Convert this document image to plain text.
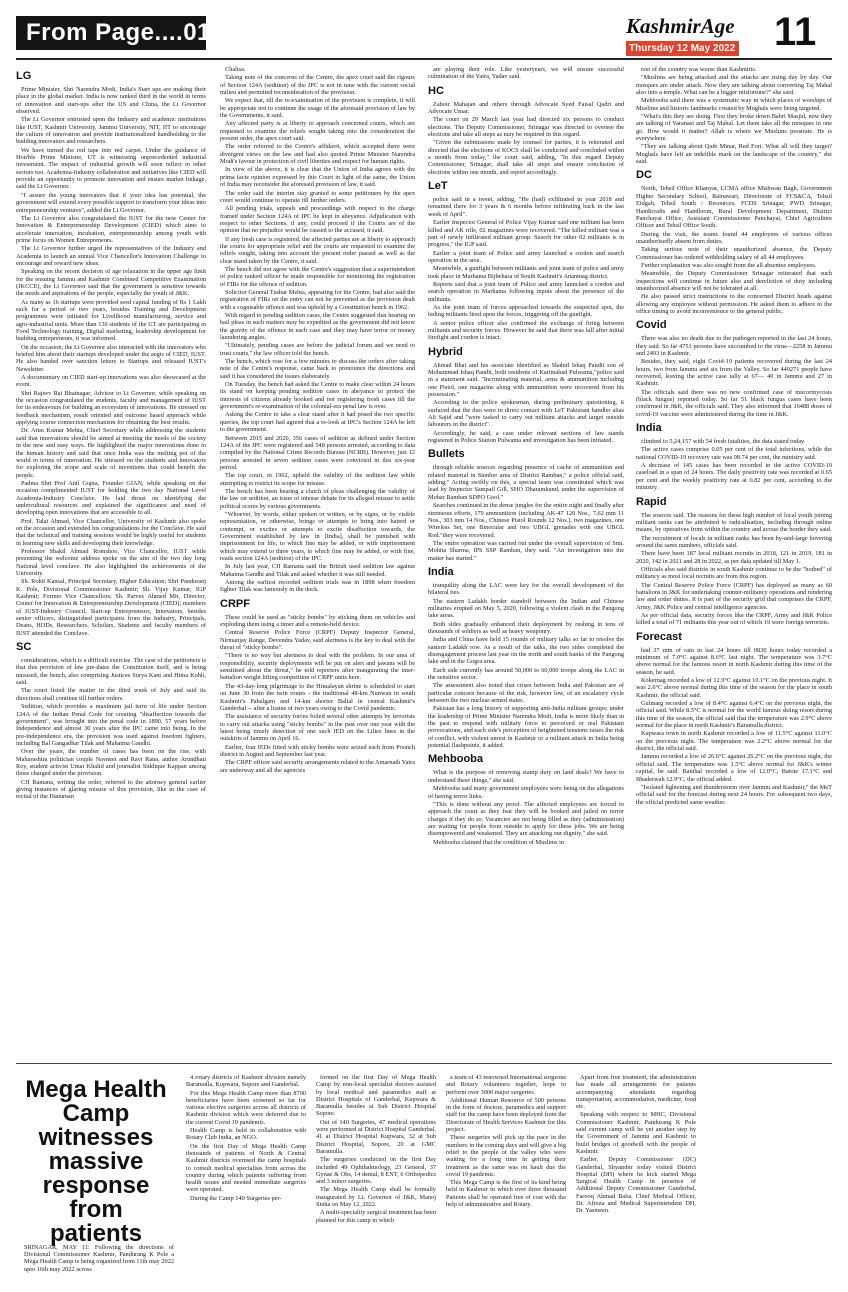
From Page....01	KashmirAge
Thursday 12 May 2022 11
LG

Prime Minister, Shri Narendra Modi, India's Start ups are making their place in the global market. India is now ranked third in the world in terms of innovation and start-ups after the US and China, the Lt Governor observed.

The Lt Governor entrusted upon the Industry and academic institutions like IUST, Kashmir University, Jammu University, NIT, IIT to encourage the culture of innovation and provide institutionalized handholding to the budding innovators and researchers.

We have turned the red tape into red carpet. Under the guidance of Hon'ble Prime Minister, UT is witnessing unprecedented industrial investment. The impact of industrial growth will soon reflect in other sectors too. Academia-Industry collaboration and initiatives like CIED will provide an opportunity to promote innovation and ensure market linkage, said the Lt Governor.

"I assure the young innovators that if your idea has potential, the government will extend every possible support to transform your ideas into entrepreneurship ventures", added the Lt Governor.

The Lt Governor also congratulated the IUST for the new Center for Innovation & Entrepreneurship Development (CIED) which aims to accelerate innovation, incubation, entrepreneurship among youth with prime focus on Women Entrepreneurs.

The Lt Governor further urged the representatives of the Industry and Academia to launch an annual Vice Chancellor's Innovation Challenge to encourage and reward new ideas.

Speaking on the recent decision of age relaxation in the upper age limit for the ensuing Jammu and Kashmir Combined Competitive Examination (JKCCE), the Lt Governor said that the government is sensitive towards the needs and aspirations of the people, especially the youth of J&K.

As many as 16 startups were provided seed capital funding of Rs 1 Lakh each for a period of two years, besides Training and Development programmes were initiated for Livelihood manufacturing, service and agro-industrial units. More than 130 students of the UT are participating in Food Technology training, Digital marketing, leadership development for budding entrepreneurs, it was informed.

On the occasion, the Lt Governor also interacted with the innovators who briefed him about their startups developed under the aegis of CIED, IUST. He also handed over sanction letters to Startups and released IUST's Newsletter.

A documentary on CIED start-up innovations was also showcased at the event.

Shri Rajeev Rai Bhatnagar, Advisor to Lt Governor, while speaking on the occasion congratulated the students, faculty and management of IUST for its endeavours for building an ecosystem of innovations. He stressed on feedback mechanism, result oriented and outcome based approach while applying course connection mechanism for obtaining the best results.

Dr. Arun Kumar Mehta, Chief Secretary while addressing the students said that innovations should be aimed at meeting the needs of the society in the new and easy ways. He highlighted the major innovations done in the human history and said that once India was the melting pot of the world in terms of innovation. He stressed on the students and innovators for exploring the scope and scale of inventions that could benefit the people.

Padma Shri Prof Anil Gupta, Founder GIAN, while speaking on the occasion complimented IUST for holding the two day National Level Academia-Industry Conclave. He laid thrust on identifying the undercultural resources and explained the significance and need of developing open innovations that are accessible to all.

Prof. Talat Ahmad, Vice Chancellor, University of Kashmir also spoke on the occasion and extended his congratulations for the Conclave. He said that the technical and training sessions would be highly useful for students in learning new skills and developing their knowledge.

Professor Shakil Ahmad Romshoo, Vice Chancellor, IUST while presenting the welcome address spoke on the aim of the two day long National level conclave. He also highlighted the achievements of the University.

Sh. Rohit Kansal, Principal Secretary, Higher Education; Shri Panduranj K. Pole, Divisional Commissioner Kashmir; Sh. Vijay Kumar, IGP Kashmir; Former Vice Chancellors; Sh. Parvez Ahmed Mir, Director, Center for Innovation & Entrepreneurship Development (CIED); members of IUST-Industry Council, Start-up Entrepreneurs, Innovators, besides senior officers, distinguished participants from the Industry, Principals, Deans, HODs, Researchers, Scholars, Students and faculty members of IUST attended the Conclave.

SC

considerations, which is a difficult exercise. The case of the petitioners is that this provision of law pre-dates the Constitution itself, and is being misused, the bench, also comprising Justices Surya Kant and Hima Kohli, said.

The court listed the matter in the third week of July and said its directions shall continue till further orders.

Sedition, which provides a maximum jail term of life under Section 124A of the Indian Penal Code for creating "disaffection towards the government", was brought into the penal code in 1890, 57 years before Independence and almost 30 years after the IPC came into being. In the pre-Independence era, the provision was used against freedom fighters, including Bal Gangadhar Tilak and Mahatma Gandhi.

Over the years, the number of cases has been on the rise, with Maharashtra politician couple Navneet and Ravi Rana, author Arundhati Roy, student activist Umar Khalid and journalist Siddique Kappan among those charged under the provision.

CJI Ramana, writing the order, referred to the attorney general earlier giving instances of glaring misuse of this provision, like in the case of recital of the Hanuman

Chalisa.

Taking note of the concerns of the Centre, the apex court said the rigours of Section 124A (sedition) of the IPC is not in tune with the current social milieu and permitted reconsideration of the provision.

We expect that, till the re-examination of the provision is complete, it will be appropriate not to continue the usage of the aforesaid provision of law by the Governments, it said.

Any affected party is at liberty to approach concerned courts, which are requested to examine the reliefs sought taking into the consideration the present order, the apex court said.

The order referred to the Centre's affidavit, which accepted there were divergent views on the law and had also quoted Prime Minister Narendra Modi's favour in protection of civil liberties and respect for human rights.

In view of the above, it is clear that the Union of India agrees with the prima facie opinion expressed by this Court in light of the same, the Union of India may reconsider the aforesaid provision of law, it said.

The order said the interim stay granted to some petitioners by the apex court would continue to operate till further orders.

All pending trials, appeals and proceedings with respect to the charge framed under Section 124A of IPC be kept in abeyance. Adjudication with respect to other Sections, if any, could proceed if the Courts are of the opinion that no prejudice would be caused to the accused, it said.

If any fresh case is registered, the affected parties are at liberty to approach the courts for appropriate relief and the courts are requested to examine the reliefs sought, taking into account the present order passed as well as the clear stand taken by the Centre, it said.

The bench did not agree with the Centre's suggestion that a superintendent of police ranked officer be made responsible for monitoring the registration of FIRs for the offence of sedition.

Solicitor General Tushar Mehta, appearing for the Centre, had also said the registration of FIRs on the entry can not be prevented as the provision dealt with a cognisable offence and was upheld by a Constitution bench in 1962.

With regard to pending sedition cases, the Centre suggested that hearing on bail pleas in such matters may be expedited as the government did not know the gravity of the offence in each case and they may have terror or money laundering angles.

"Ultimately, pending cases are before the judicial forum and we need to trust courts," the law officer told the bench.

The bench, which rose for a few minutes to discuss the orders after taking note of the Centre's response, came back to pronounce the directions and said it has considered the issues elaborately.

On Tuesday, the bench had asked the Centre to make clear within 24 hours its stand on keeping pending sedition cases in abeyance to protect the interests of citizens already booked and not registering fresh cases till the government's re-examination of the colonial-era penal law is over.

Asking the Centre to take a clear stand after it had posed the two specific queries, the top court had agreed that a re-look at IPC's Section 124A be left to the government.

Between 2015 and 2020, 356 cases of sedition as defined under Section 124A of the IPC were registered and 548 persons arrested, according to data compiled by the National Crime Records Bureau (NCRB). However, just 12 persons arrested in seven sedition cases were convicted in this six-year period.

The top court, in 1962, upheld the validity of the sedition law while attempting to restrict its scope for misuse.

The bench has been hearing a clutch of pleas challenging the validity of the law on sedition, an issue of intense debate for its alleged misuse to settle political scores by various governments.

"Whoever, by words, either spoken or written, or by signs, or by visible representation, or otherwise, brings or attempts to bring into hatred or contempt, or excites or attempts to excite disaffection towards, the Government established by law in [India], shall be punished with imprisonment for life, to which fine may be added, or with imprisonment which may extend to three years, to which fine may be added, or with fine, reads section 124A (sedition) of the IPC.

In July last year, CJI Ramana said the British used sedition law against Mahatma Gandhi and Tilak and asked whether it was still needed.

Among the earliest recorded sedition trials was in 1898 when freedom fighter Tilak was famously in the dock.

CRPF

These could be used as "sticky bombs" by sticking them on vehicles and exploding them using a timer and a remote-held device.

Central Reserve Police Force (CRPF) Deputy Inspector General, Nirmanjay Range, Devendra Yadav, said alertness is the key to deal with the threat of "sticky bombs".

"There is no way but alertness to deal with the problem. In our area of responsibility, security deployments will be put on alert and jawans will be sensitised about the threat," he told reporters after inaugurating the inter-battalion weight lifting competition of CRPF units here.

The 43-day-long pilgrimage to the Himalayan shrine is scheduled to start on June 30 from the twin routes - the traditional 48-km Nunwan in south Kashmir's Pahalgam and 14-km shorter Baltal in central Kashmir's Ganderbal -- after a hiatus of two years owing to the Covid pandemic.

The assistance of security forces foiled several other attempts by terrorists to carry out attacks using "sticky bombs" in the past over one year with the latest being timely detection of one such IED on the Lilies lines in the outskirts of Jammu on April 16.

Earlier, four IEDs fitted with sticky bombs were seized each from Poonch district in August and September last year.

The CRPF officer said security arrangements related to the Amarnath Yatra are underway and all the agencies

are playing their role. Like yesteryears, we will ensure successful culmination of the Yatra, Yadav said.

HC

Zahoir Mahajan and others through Advocate Syed Faisal Qadri and Advocate Umar.

The court on 29 March last year had directed six persons to conduct elections. The Deputy Commissioner, Srinagar was directed to oversee the elections and take all steps as may be required in this regard.

"Given the submissions made by counsel for parties, it is reiterated and directed that the elections of KOCS shall be conducted and concluded within a month from today," the court said, adding, "In this regard Deputy Commissioner, Srinagar, shall take all steps and ensure conclusion of elections within one month, and report accordingly.

LeT

police said in a tweet, adding, "He (had) exfiltrated in year 2018 and remained there for 3 years & 6 months before infiltrating back in the last week of April".

Earlier Inspector General of Police Vijay Kumar said one militant has been killed and AK rifle, 02 magazines were recovered. "The killed militant was a part of newly infiltrated militant group. Search for other 02 militants is in progress," the IGP said.

Earlier a joint team of Police and army launched a cordon and search operation in the area.

Meanwhile, a gunfight between militants and joint team of police and army took place in Marhama Bijbehara of South Kashmir's Anantnag district.

Reports said that a joint team of Police and army launched a cordon and search operation in Marhama following inputs about the presence of the militants.

As the joint team of forces approached towards the suspected spot, the hiding militants fired upon the forces, triggering off the gunfight.

A senior police officer also confirmed the exchange of firing between militants and security forces. However he said that there was lull after initial firefight and cordon is intact.

Hybrid

Ahmad Bhat and his associate identified as Shahid Ishaq Pandit son of Mohammad Ishaq Pandit, both residents of Karimabad Pulwama,"police said in a statement said. "Incriminating material, arms & ammunition including one Pistol, one magazine along with ammunition were recovered from his possession."

According to the police spokesman, during preliminary questioning, it surfaced that the duo were in direct contact with LeT Pakistani handler alias Ali Sajid and "were tasked to carry out militant attacks and target outside labourers in the district".

Accordingly, he said, a case under relevant sections of law stands registered in Police Station Pulwama and investigation has been initiated.

Bullets

through reliable sources regarding presence of cache of ammunition and related material in Sumber area of District Ramban," a police official said, adding," Acting swiftly on this, a special team was constituted which was lead by Inspector Sampail Gill, SHO Dharamkund, under the supervision of Mohar Ramban SDPO Gool."

Searches continued in the dense jungles for the entire night and finally after strenuous efforts, 179 ammunition (including AK-47 120 Nos., 7.62 mm 11 Nos., 303 mm 14 Nos., Chinese Pistol Rounds 12 Nos.), two magazines, one Wireless Set, one Binocular and two UBGL grenades with one UBGL Rod."they were recovered.

The entire operation was carried out under the overall supervision of Smt. Mohita Sharma, IPS SSP Ramban, they said. "An investigation into the matter has started."

India

tranquility along the LAC were key for the overall development of the bilateral ties.

The eastern Ladakh border standoff between the Indian and Chinese militaries erupted on May 5, 2020, following a violent clash in the Pangong lake areas.

Both sides gradually enhanced their deployment by rushing in tens of thousands of soldiers as well as heavy weaponry.

India and China have held 15 rounds of military talks so far to resolve the eastern Ladakh row. As a result of the talks, the two sides completed the disengagement process last year on the north and south banks of the Pangong lake and in the Gogra area.

Each side currently has around 50,000 to 60,000 troops along the LAC in the sensitive sector.

The assessment also noted that crises between India and Pakistan are of particular concern because of the risk, however low, of an escalatory cycle between the two nuclear-armed states.

Pakistan has a long history of supporting anti-India militant groups; under the leadership of Prime Minister Narendra Modi, India is more likely than in the past to respond with military force to perceived or real Pakistani provocations, and each side's perception of heightened tensions raises the risk of conflict, with violent unrest in Kashmir or a militant attack in India being potential flashpoints, it added.

Mehbooba

What is the purpose of removing stamp duty on land deals? We have to understand these things," she said.

Mehbooba said many government employees were being on the allegations of having terror links.

"This is done without any proof. The affected employees are forced to approach the court as they fear they will be booked and jailed on terror charges if they do so. Vacancies are not being filled as they (administration) are waiting for people from outside to apply for these jobs. We are being disempowered and weakened. They are attacking our dignity," she said.

Mehbooba claimed that the condition of Muslims in

rest of the country was worse than Kashmiris.

"Muslims are being attacked and the attacks are rising day by day. Our mosques are under attack. Now they are talking about converting Taj Mahal also into a temple. What can be a bigger misfortune?" she said.

Mehbooba said there was a systematic way in which places of worships of Muslims and historic landmarks created by Mughals were being targeted.

"What's this they are doing. First they broke down Babri Masjid, now they are talking of Varanasi and Taj Mahal. Let them take all the mosques in one go. How would it matter? Allah is where we Muslims prostrate. He is everywhere.

"They are talking about Qutb Minar, Red Fort. What all will they target? Mughals have left an indelible mark on the landscape of the country," she said.

DC

North, Tehsil Office Khanyar, LCMA office Mishwan Bagh, Government Higher Secondary School, Rainawari, Directorate of FCS&CA, Tehsil Eidgah, Tehsil South / Resources, FCDS Srinagar, PWD Srinagar, Handicrafts and Handloom, Rural Development Department, District Panchayat Office, Assistant Commissioner Panchayat, Chief Agriculture Officer and Tehsil Office South.

During the visit, the teams found 44 employees of various offices unauthorisedly absent from duties.

Taking serious note of their unauthorized absence, the Deputy Commissioner has ordered withholding salary of all 44 employees.

Further explanation was also sought from the all absentee employees.

Meanwhile, the Deputy Commissioner Srinagar reiterated that such inspections will continue in future also and dereliction of duty including unauthorized absence will not be tolerated at all.

He also passed strict instructions to the concerned District heads against allowing any employee without permission. He asked them to adhere to the office timing to avoid inconvenience to the general public.

Covid

There was also no death due to the pathogen reported in the last 24 hours, they said. So far 4751 persons have succumbed to the virus—2258 in Jammu and 2493 in Kashmir.

Besides, they said, eight Covid-19 patients recovered during the last 24 hours, two from Jammu and six from the Valley. So far 449271 people have recovered, leaving the active case tally at 67— 40 in Jammu and 27 in Kashmir.

The officials said there was no new confirmed case of mucormycosis (black fungus) reported today. So far 51 black fungus cases have been confirmed in J&K, the officials said. They also informed that 16488 doses of covid-19 vaccine were administered during the time in J&K.

India

climbed to 5,24,157 with 54 fresh fatalities, the data stated today.

The active cases comprise 0.05 per cent of the total infections, while the national COVID-19 recovery rate was 98.74 per cent, the ministry said.

A decrease of 145 cases has been recorded in the active COVID-19 caseload in a span of 24 hours. The daily positivity rate was recorded at 0.65 per cent and the weekly positivity rate at 0.82 per cent, according to the ministry.

Rapid

The sources said. The reasons for these high number of local youth joining militant ranks can be attributed to radicalisation, including through online means, by operatives from within the country and across the border they said.

The recruitment of locals in militant ranks has been by-and-large hovering around the same numbers, officials said.

There have been 187 local militant recruits in 2018, 121 in 2019, 181 in 2020, 142 in 2021 and 28 in 2022, as per data updated till May 1.

Officials also said districts in south Kashmir continue to be the "hotbed" of militancy as most local recruits are from this region.

The Central Reserve Police Force (CRPF) has deployed as many as 60 battalions in J&K for undertaking counter-militancy operations and rendering law and order duties. It is part of the security grid that comprises the CRPF, Army, J&K Police and central intelligence agencies.

As per official data, security forces like the CRPF, Army and J&K Police killed a total of 71 militants this year out of which 19 were foreign terrorists.

Forecast

had 37 mm of rain in last 24 hours till 0830 hours today recorded a minimum of 7.0°C against 8.6°C last night. The temperature was 3.7°C above normal for the famous resort in north Kashmir during this time of the season, he said.

Kokernag recorded a low of 12.9°C against 10.1°C on the previous night. It was 2.6°C above normal during this time of the season for the place in south Kashmir, the official said.

Gulmarg recorded a low of 8.4°C against 6.4°C on the previous night, the official said. While 8.5°C is normal for the world famous skiing resort during this time of the season, the official said that the temperature was 2.9°C above normal for the place in north Kashmir's Baramulla district.

Kupwara town in north Kashmir recorded a low of 11.5°C against 11.0°C on the previous night. The temperature was 2.2°C above normal for the district, the official said.

Jammu recorded a low of 26.6°C against 26.2°C on the previous night, the official said. The temperature was 1.5°C above normal for J&K's winter capital, he said. Banihal recorded a low of 12.0°C, Batote 17.1°C and Bhaderwah 12.9°C, the official added.

"Isolated lightening and thunderstorm over Jammu and Kashmir," the MeT official said for the forecast during next 24 hours. For subsequent two days, the official predicted same weather.

Mega Health Camp witnesses massive response from patients
SRINAGAR, MAY 11: Following the directions of Divisional Commissioner Kashmir, Pandurang K Pole a Mega Health Camp is being organized from 11th may 2022 upto 16th may 2022 across

4 rotary districts of Kashmir division namely Baramulla, Kupwara, Sopore and Ganderbal.

For this Mega Health Camp more than 8700 beneficiaries have been screened so far for various elective surgeries across all districts of Kashmir division which were deferred due to the current Covid 19 pandemic.

Health Camp is held in collaboration with Rotary Club India, an NGO.

On the first Day of Mega Health Camp thousands of patients of North & Central Kashmir districts overused the camp hospitals to consult medical specialists from across the country during which patients suffering from health issues and needed immediate surgeries were operated.

During the Camp 140 Surgeries per-

formed on the first Day of Mega Health Camp by non-local specialist doctors assisted by local medical and paramedics staff at District Hospitals of Ganderbal, Kupwara & Baramulla besides at Sub District Hospital Sopore.

Out of 140 Surgeries, 47 medical operations were performed at District Hospital Ganderbal, 41 at District Hospital Kupwara, 32 at Sub District Hospital, Sopore, 20 at GMC Baramulla.

The surgeries conducted on the first Day included 49 Ophthalmology, 23 General, 37 Gynae & Obs, 14 dental, 8 ENT, 6 Orthopedics and 3 minor surgeries.

The Mega Health Camp shall be formally inaugurated by Lt. Governor of J&K, Manoj Sinha on May 12, 2022.

A multi-speciality surgical treatment has been planned for this camp in which

a team of 43 renowned International surgeons and Rotary volunteers together, hope to perform over 3000 major surgeries.

Additional Human Resource of 500 persons in the form of doctors, paramedics and support staff for the camp have been deployed from the Directorate of Health Services Kashmir for this project.

These surgeries will pick up the pace in the numbers in the coming days and will give a big relief to the people of the valley who were waiting for a long time in getting their treatment as the same was on hault due the covid 19 pandemic.

This Mega Camp is the first of its kind being held in Kashmir in which over three thousand Patients shall be operated free of cost with the help of administrative and Rotary.

Apart from free treatment, the administration has made all arrangements for patients accompanying attendants regarding transportation, accommodation, medicine, food etc.

Speaking with respect to MHC, Divisional Commissioner Kashmir, Pandurang K Pole said current camp will be yet another step by the Government of Jammu and Kashmir to build bridges of goodwill with the people of Kashmir.

Earlier, Deputy Commissioner (DC) Ganderbal, Shyambir today visited District Hospital (DH) where he kick started Mega Surgical Health Camp in presence of Additional Deputy Commissioner Ganderbal, Farooq Ahmad Baba, Chief Medical Officer, Dr. Afroza and Medical Superintendent DH, Dr. Yasmeen.
